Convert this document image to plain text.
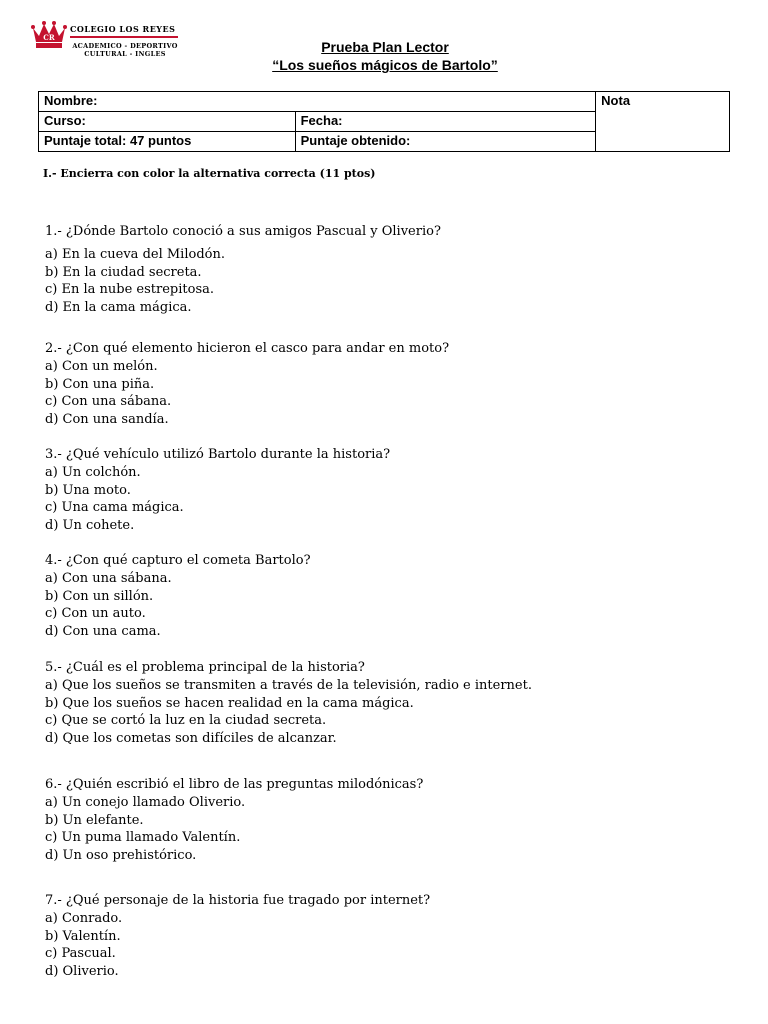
CR
COLEGIO LOS REYES
ACADEMICO - DEPORTIVO
CULTURAL - INGLES	Prueba Plan Lector
“Los sueños mágicos de Bartolo”
Nombre:		Nota
Curso:	Fecha:	
Puntaje total: 47 puntos	Puntaje obtenido:	
I.- Encierra con color la alternativa correcta (11 ptos)

1.- ¿Dónde Bartolo conoció a sus amigos Pascual y Oliverio?

a) En la cueva del Milodón.

b) En la ciudad secreta.

c) En la nube estrepitosa.

d) En la cama mágica.

2.- ¿Con qué elemento hicieron el casco para andar en moto?

a) Con un melón.

b) Con una piña.

c) Con una sábana.

d) Con una sandía.

3.- ¿Qué vehículo utilizó Bartolo durante la historia?

a) Un colchón.

b) Una moto.

c) Una cama mágica.

d) Un cohete.

4.- ¿Con qué capturo el cometa Bartolo?

a) Con una sábana.

b) Con un sillón.

c) Con un auto.

d) Con una cama.

5.- ¿Cuál es el problema principal de la historia?

a) Que los sueños se transmiten a través de la televisión, radio e internet.

b) Que los sueños se hacen realidad en la cama mágica.

c) Que se cortó la luz en la ciudad secreta.

d) Que los cometas son difíciles de alcanzar.

6.- ¿Quién escribió el libro de las preguntas milodónicas?

a) Un conejo llamado Oliverio.

b) Un elefante.

c) Un puma llamado Valentín.

d) Un oso prehistórico.

7.- ¿Qué personaje de la historia fue tragado por internet?

a) Conrado.

b) Valentín.

c) Pascual.

d) Oliverio.
